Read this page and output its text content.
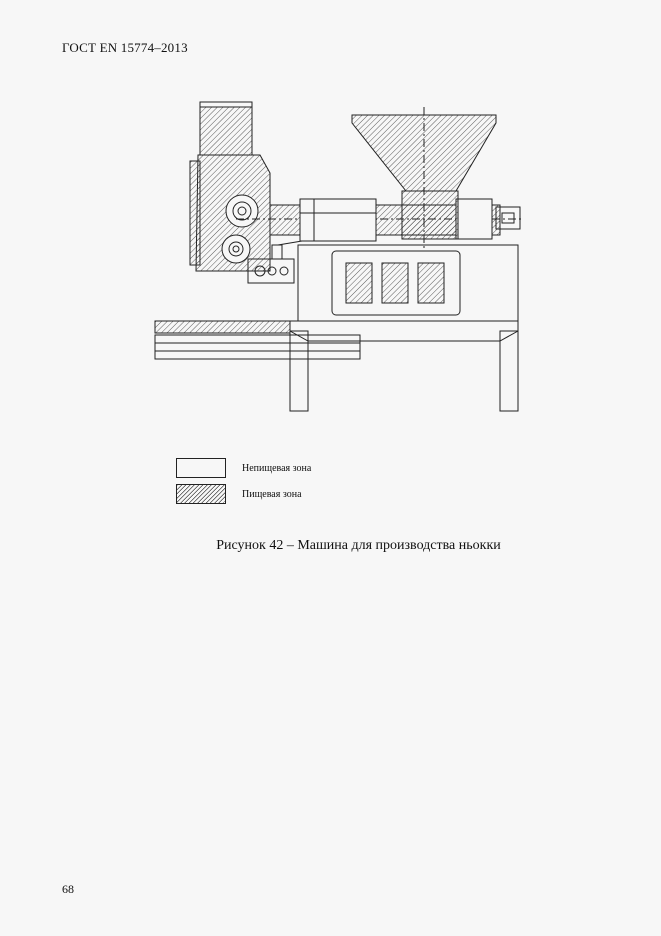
ГОСТ EN 15774–2013
Непищевая зона
Пищевая зона
Рисунок 42 – Машина для производства ньокки
68
